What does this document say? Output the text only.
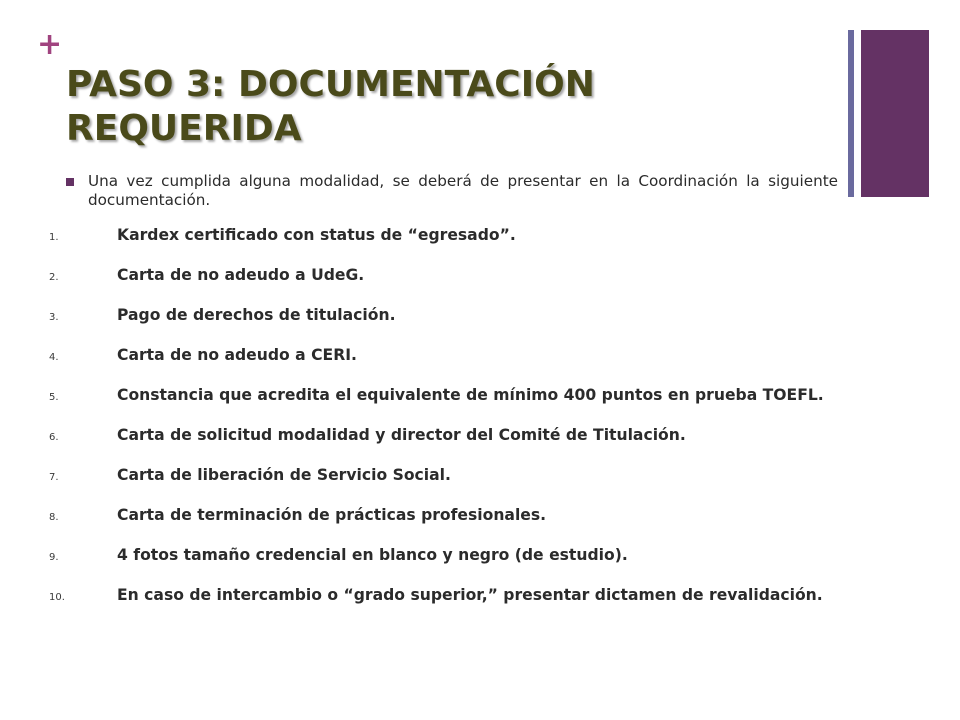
+
PASO 3: DOCUMENTACIÓN REQUERIDA

Una vez cumplida alguna modalidad, se deberá de presentar en la Coordinación la siguiente documentación.

1.	Kardex certificado con status de “egresado”.
2.	Carta de no adeudo a UdeG.
3.	Pago de derechos de titulación.
4.	Carta de no adeudo a CERI.
5.	Constancia que acredita el equivalente de mínimo 400 puntos en prueba TOEFL.
6.	Carta de solicitud modalidad y director del Comité de Titulación.
7.	Carta de liberación de Servicio Social.
8.	Carta de terminación de prácticas profesionales.
9.	4 fotos tamaño credencial en blanco y negro (de estudio).
10.	En caso de intercambio o “grado superior,” presentar dictamen de revalidación.
